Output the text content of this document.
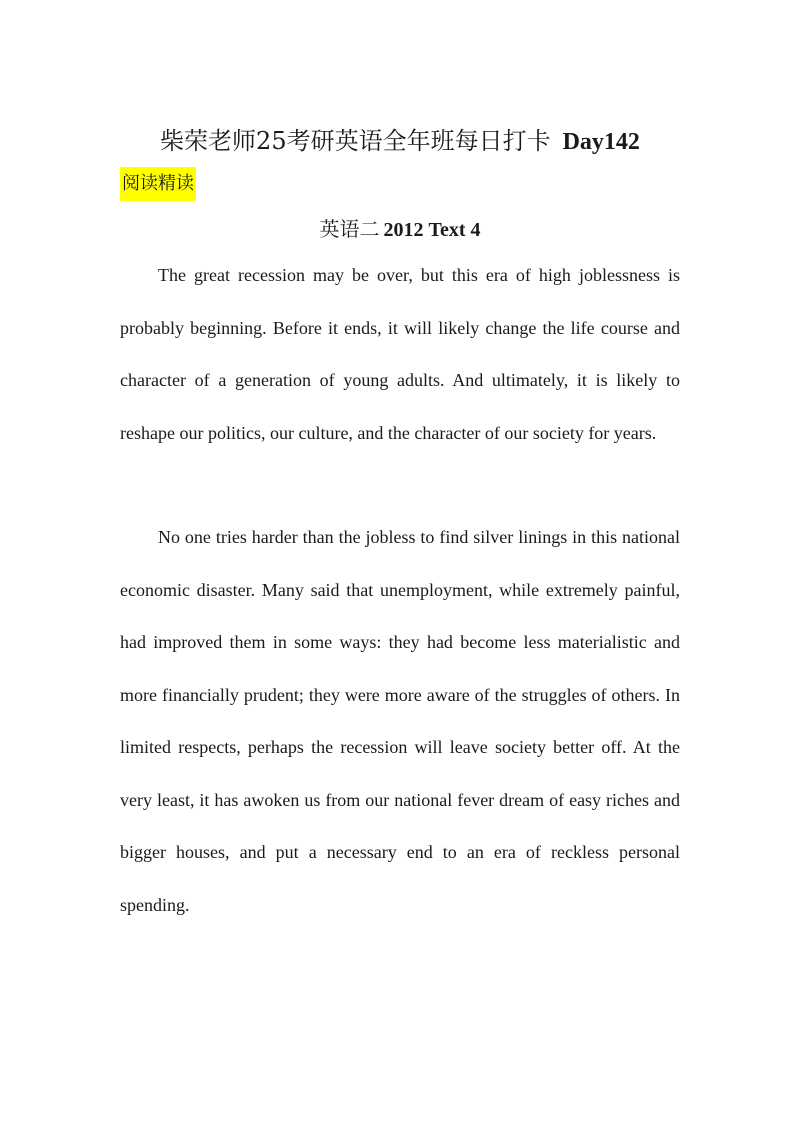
柴荣老师25考研英语全年班每日打卡 Day142
阅读精读
英语二 2012 Text 4

The great recession may be over, but this era of high joblessness is probably beginning. Before it ends, it will likely change the life course and character of a generation of young adults. And ultimately, it is likely to reshape our politics, our culture, and the character of our society for years.

No one tries harder than the jobless to find silver linings in this national economic disaster. Many said that unemployment, while extremely painful, had improved them in some ways: they had become less materialistic and more financially prudent; they were more aware of the struggles of others. In limited respects, perhaps the recession will leave society better off. At the very least, it has awoken us from our national fever dream of easy riches and bigger houses, and put a necessary end to an era of reckless personal spending.
